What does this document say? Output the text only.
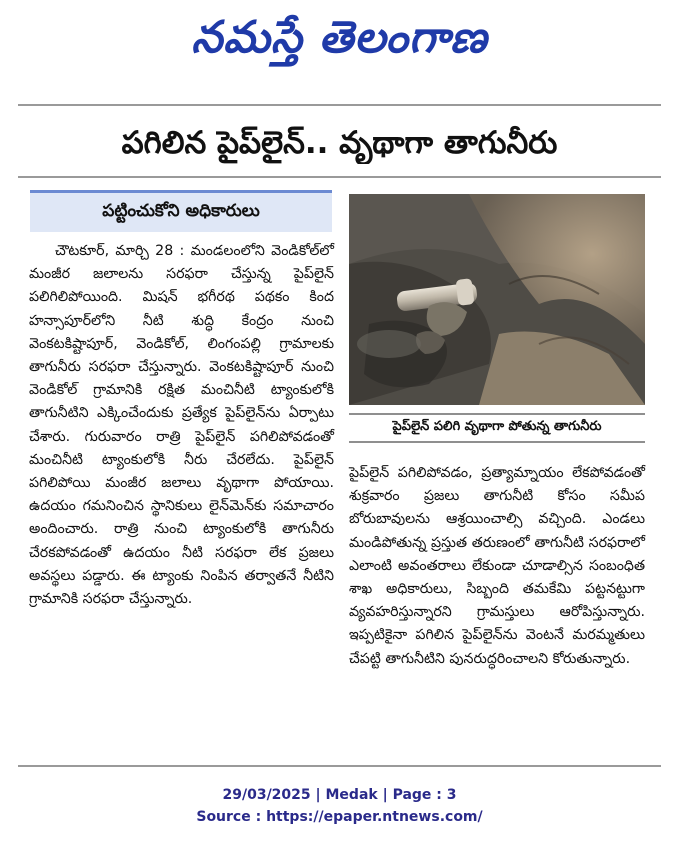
నమస్తే తెలంగాణ
పగిలిన పైప్‌లైన్.. వృథాగా తాగునీరు
పట్టించుకోని అధికారులు

చౌటకూర్, మార్చి 28 : మండలంలోని వెండికోల్‌లో మంజీర జలాలను సరఫరా చేస్తున్న పైప్‌లైన్ పలిగిలిపోయింది. మిషన్ భగీరథ పథకం కింద హన్సాపూర్‌లోని నీటి శుద్ధి కేంద్రం నుంచి వెంకటకిష్టాపూర్, వెండికోల్, లింగంపల్లి గ్రామాలకు తాగునీరు సరఫరా చేస్తున్నారు. వెంకటకిష్టాపూర్ నుంచి వెండికోల్ గ్రామానికి రక్షిత మంచినీటి ట్యాంకులోకి తాగునీటిని ఎక్కించేందుకు ప్రత్యేక పైప్‌లైన్‌ను ఏర్పాటు చేశారు. గురువారం రాత్రి పైప్‌లైన్ పగిలిపోవడంతో మంచినీటి ట్యాంకులోకి నీరు చేరలేదు. పైప్‌లైన్ పగిలిపోయి మంజీర జలాలు వృథాగా పోయాయి. ఉదయం గమనించిన స్థానికులు లైన్‌మెన్‌కు సమాచారం అందించారు. రాత్రి నుంచి ట్యాంకులోకి తాగునీరు చేరకపోవడంతో ఉదయం నీటి సరఫరా లేక ప్రజలు అవస్థలు పడ్డారు. ఈ ట్యాంకు నింపిన తర్వాతనే నీటిని గ్రామానికి సరఫరా చేస్తున్నారు.

పైప్‌లైన్ పలిగి వృథాగా పోతున్న తాగునీరు

పైప్‌లైన్ పగిలిపోవడం, ప్రత్యామ్నాయం లేకపోవడంతో శుక్రవారం ప్రజలు తాగునీటి కోసం సమీప బోరుబావులను ఆశ్రయించాల్సి వచ్చింది. ఎండలు మండిపోతున్న ప్రస్తుత తరుణంలో తాగునీటి సరఫరాలో ఎలాంటి అవంతరాలు లేకుండా చూడాల్సిన సంబంధిత శాఖ అధికారులు, సిబ్బంది తమకేమి పట్టనట్టుగా వ్యవహరిస్తున్నారని గ్రామస్తులు ఆరోపిస్తున్నారు. ఇప్పటికైనా పగిలిన పైప్‌లైన్‌ను వెంటనే మరమ్మతులు చేపట్టి తాగునీటిని పునరుద్ధరించాలని కోరుతున్నారు.

29/03/2025 | Medak | Page : 3
Source : https://epaper.ntnews.com/
